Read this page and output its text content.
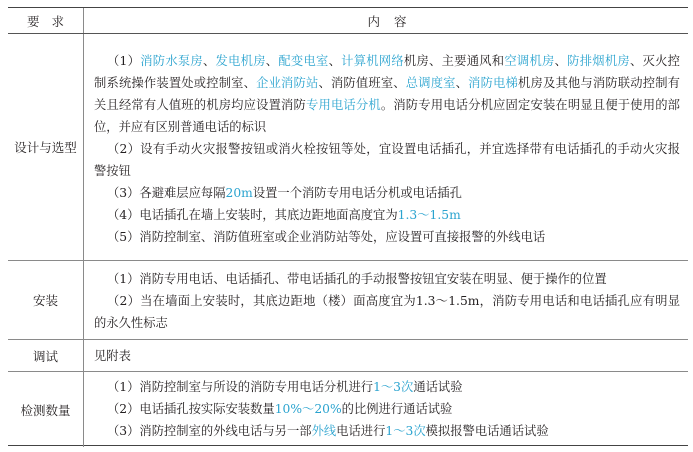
要求	内容
设计与选型

（1）消防水泵房、发电机房、配变电室、计算机网络机房、主要通风和空调机房、防排烟机房、灭火控制系统操作装置处或控制室、企业消防站、消防值班室、总调度室、消防电梯机房及其他与消防联动控制有关且经常有人值班的机房均应设置消防专用电话分机。消防专用电话分机应固定安装在明显且便于使用的部位，并应有区别普通电话的标识

（2）设有手动火灾报警按钮或消火栓按钮等处，宜设置电话插孔，并宜选择带有电话插孔的手动火灾报警按钮

（3）各避难层应每隔20m设置一个消防专用电话分机或电话插孔

（4）电话插孔在墙上安装时，其底边距地面高度宜为1.3～1.5m

（5）消防控制室、消防值班室或企业消防站等处，应设置可直接报警的外线电话

安装

（1）消防专用电话、电话插孔、带电话插孔的手动报警按钮宜安装在明显、便于操作的位置

（2）当在墙面上安装时，其底边距地（楼）面高度宜为1.3～1.5m，消防专用电话和电话插孔应有明显的永久性标志

调试	见附表

检测数量

（1）消防控制室与所设的消防专用电话分机进行1～3次通话试验

（2）电话插孔按实际安装数量10%～20%的比例进行通话试验

（3）消防控制室的外线电话与另一部外线电话进行1～3次模拟报警电话通话试验
